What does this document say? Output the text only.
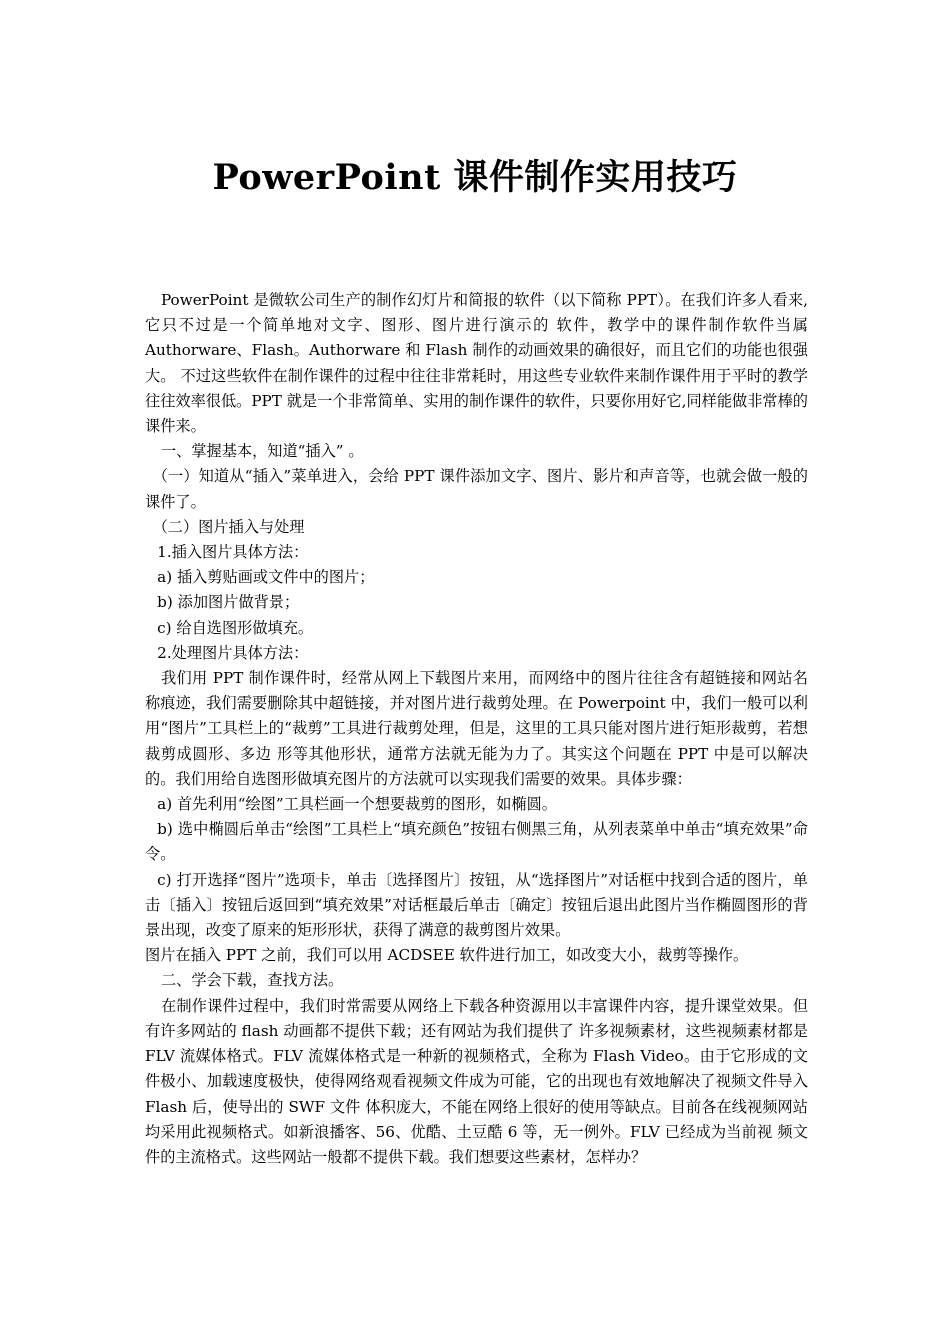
PowerPoint 课件制作实用技巧

PowerPoint 是微软公司生产的制作幻灯片和简报的软件（以下简称 PPT）。在我们许多人看来,它只不过是一个简单地对文字、图形、图片进行演示的 软件，教学中的课件制作软件当属 Authorware、Flash。Authorware 和 Flash 制作的动画效果的确很好，而且它们的功能也很强大。 不过这些软件在制作课件的过程中往往非常耗时，用这些专业软件来制作课件用于平时的教学往往效率很低。PPT 就是一个非常简单、实用的制作课件的软件，只要你用好它,同样能做非常棒的课件来。

一、掌握基本，知道“插入” 。

（一）知道从“插入”菜单进入，会给 PPT 课件添加文字、图片、影片和声音等，也就会做一般的课件了。

（二）图片插入与处理

1.插入图片具体方法：

a) 插入剪贴画或文件中的图片；

b) 添加图片做背景；

c) 给自选图形做填充。

2.处理图片具体方法：

我们用 PPT 制作课件时，经常从网上下载图片来用，而网络中的图片往往含有超链接和网站名称痕迹，我们需要删除其中超链接，并对图片进行裁剪处理。在 Powerpoint 中，我们一般可以利用“图片”工具栏上的“裁剪”工具进行裁剪处理，但是，这里的工具只能对图片进行矩形裁剪，若想裁剪成圆形、多边 形等其他形状，通常方法就无能为力了。其实这个问题在 PPT 中是可以解决的。我们用给自选图形做填充图片的方法就可以实现我们需要的效果。具体步骤：

a) 首先利用“绘图”工具栏画一个想要裁剪的图形，如椭圆。

b) 选中椭圆后单击“绘图”工具栏上“填充颜色”按钮右侧黑三角，从列表菜单中单击“填充效果”命令。

c) 打开选择“图片”选项卡，单击〔选择图片〕按钮，从“选择图片”对话框中找到合适的图片，单击〔插入〕按钮后返回到“填充效果”对话框最后单击〔确定〕按钮后退出此图片当作椭圆图形的背景出现，改变了原来的矩形形状，获得了满意的裁剪图片效果。

图片在插入 PPT 之前，我们可以用 ACDSEE 软件进行加工，如改变大小，裁剪等操作。

二、学会下载，查找方法。

在制作课件过程中，我们时常需要从网络上下载各种资源用以丰富课件内容，提升课堂效果。但有许多网站的 flash 动画都不提供下载；还有网站为我们提供了 许多视频素材，这些视频素材都是 FLV 流媒体格式。FLV 流媒体格式是一种新的视频格式，全称为 Flash Video。由于它形成的文件极小、加载速度极快，使得网络观看视频文件成为可能，它的出现也有效地解决了视频文件导入 Flash 后，使导出的 SWF 文件 体积庞大，不能在网络上很好的使用等缺点。目前各在线视频网站均采用此视频格式。如新浪播客、56、优酷、土豆酷 6 等，无一例外。FLV 已经成为当前视 频文件的主流格式。这些网站一般都不提供下载。我们想要这些素材，怎样办？
